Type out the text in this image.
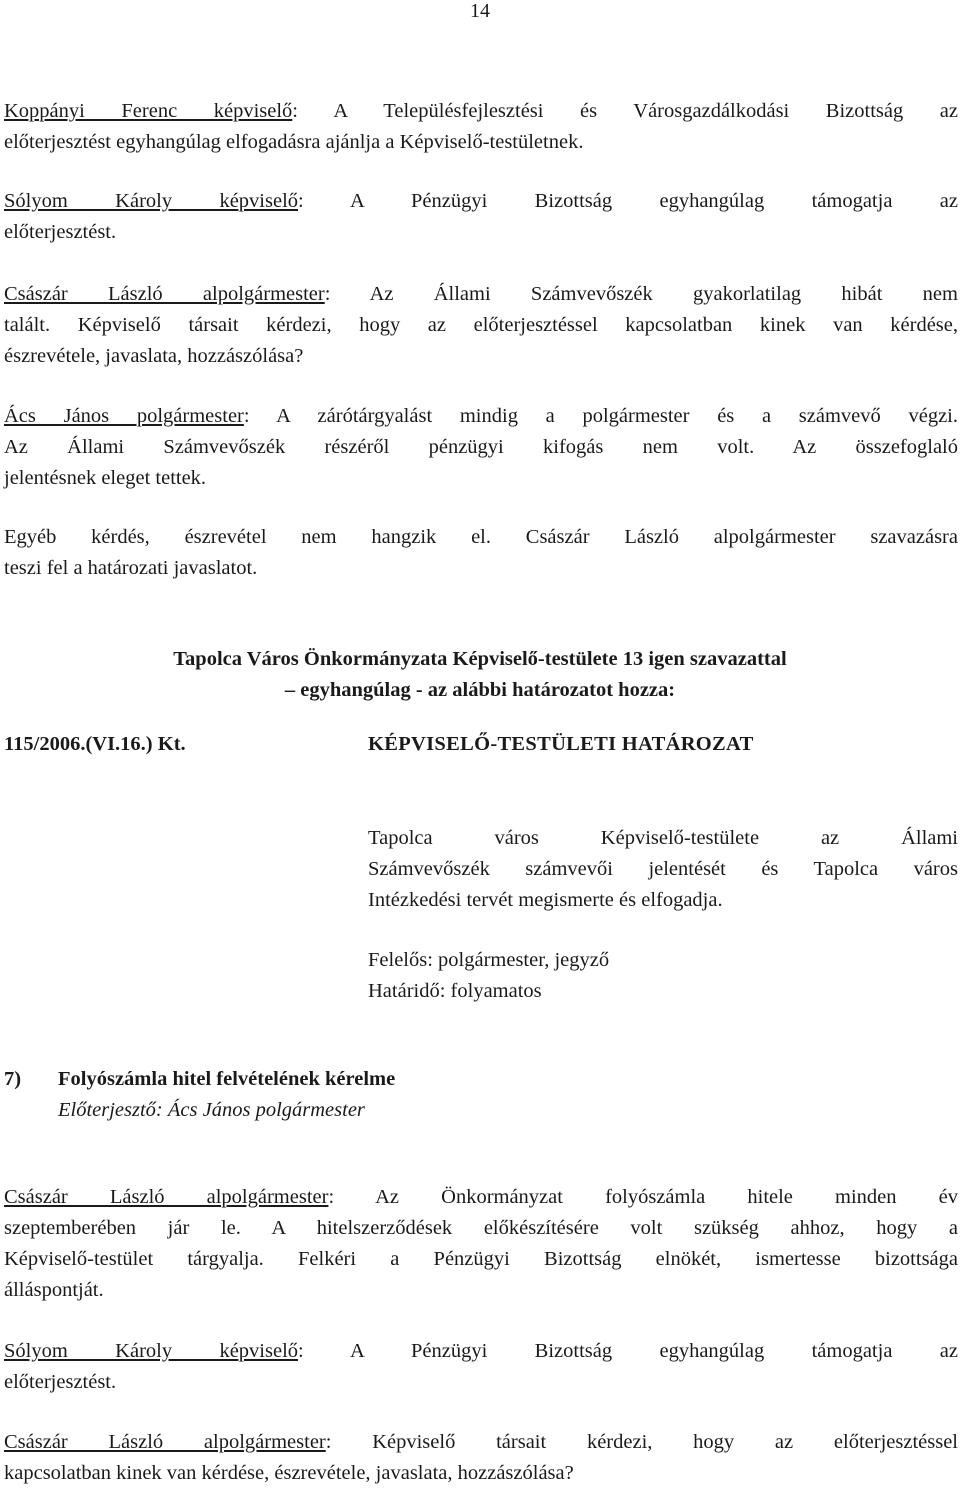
14
Koppányi Ferenc képviselő: A Településfejlesztési és Városgazdálkodási Bizottság az
előterjesztést egyhangúlag elfogadásra ajánlja a Képviselő-testületnek.
Sólyom Károly képviselő: A Pénzügyi Bizottság egyhangúlag támogatja az
előterjesztést.
Császár László alpolgármester: Az Állami Számvevőszék gyakorlatilag hibát nem
talált. Képviselő társait kérdezi, hogy az előterjesztéssel kapcsolatban kinek van kérdése,
észrevétele, javaslata, hozzászólása?
Ács János polgármester: A zárótárgyalást mindig a polgármester és a számvevő végzi.
Az Állami Számvevőszék részéről pénzügyi kifogás nem volt. Az összefoglaló
jelentésnek eleget tettek.
Egyéb kérdés, észrevétel nem hangzik el. Császár László alpolgármester szavazásra
teszi fel a határozati javaslatot.
Tapolca Város Önkormányzata Képviselő-testülete 13 igen szavazattal
– egyhangúlag - az alábbi határozatot hozza:
115/2006.(VI.16.) Kt.	KÉPVISELŐ-TESTÜLETI HATÁROZAT
Tapolca város Képviselő-testülete az Állami
Számvevőszék számvevői jelentését és Tapolca város
Intézkedési tervét megismerte és elfogadja.
Felelős: polgármester, jegyző
Határidő: folyamatos
7) Folyószámla hitel felvételének kérelme
Előterjesztő: Ács János polgármester
Császár László alpolgármester: Az Önkormányzat folyószámla hitele minden év
szeptemberében jár le. A hitelszerződések előkészítésére volt szükség ahhoz, hogy a
Képviselő-testület tárgyalja. Felkéri a Pénzügyi Bizottság elnökét, ismertesse bizottsága
álláspontját.
Sólyom Károly képviselő: A Pénzügyi Bizottság egyhangúlag támogatja az
előterjesztést.
Császár László alpolgármester: Képviselő társait kérdezi, hogy az előterjesztéssel
kapcsolatban kinek van kérdése, észrevétele, javaslata, hozzászólása?
